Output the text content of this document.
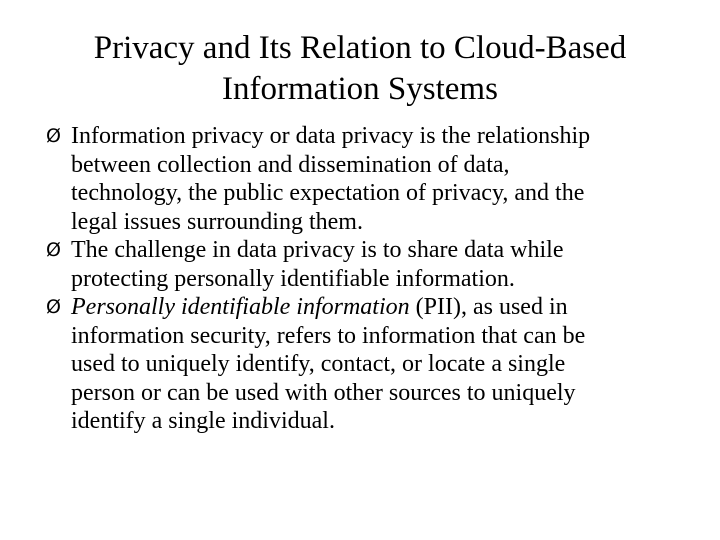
Privacy and Its Relation to Cloud-Based
Information Systems
Ø Information privacy or data privacy is the relationship
between collection and dissemination of data,
technology, the public expectation of privacy, and the
legal issues surrounding them.
Ø The challenge in data privacy is to share data while
protecting personally identifiable information.
Ø Personally identifiable information (PII), as used in
information security, refers to information that can be
used to uniquely identify, contact, or locate a single
person or can be used with other sources to uniquely
identify a single individual.
